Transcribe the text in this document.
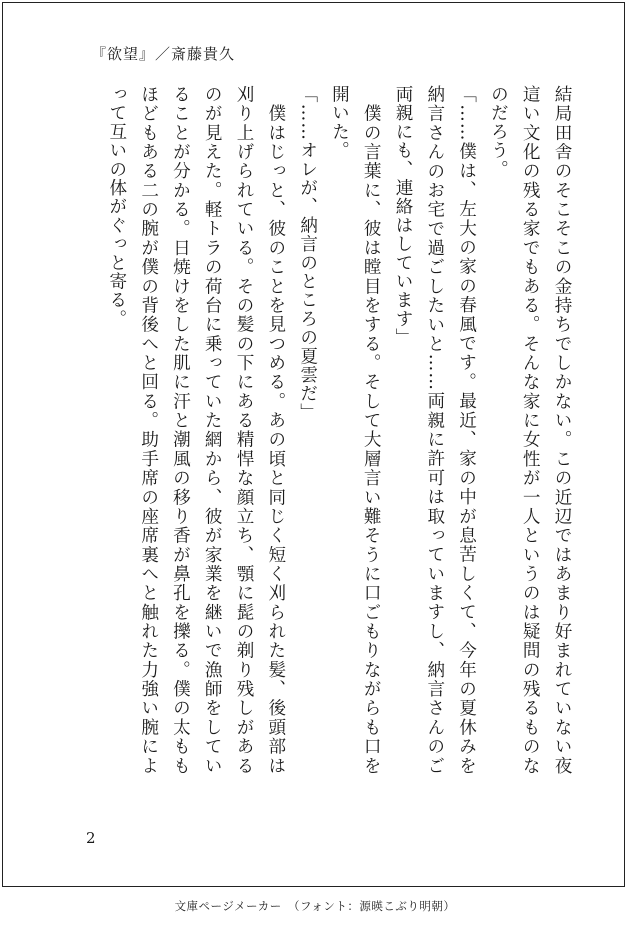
『欲望』／斎藤貴久

結局田舎のそこそこの金持ちでしかない。この近辺ではあまり好まれていない夜這い文化の残る家でもある。そんな家に女性が一人というのは疑問の残るものなのだろう。

「……僕は、左大の家の春風です。最近、家の中が息苦しくて、今年の夏休みを納言さんのお宅で過ごしたいと……両親に許可は取っていますし、納言さんのご両親にも、連絡はしています」

　僕の言葉に、彼は瞠目をする。そして大層言い難そうに口ごもりながらも口を開いた。

「……オレが、納言のところの夏雲だ」

　僕はじっと、彼のことを見つめる。あの頃と同じく短く刈られた髪、後頭部は刈り上げられている。その髪の下にある精悍な顔立ち、顎に髭の剃り残しがあるのが見えた。軽トラの荷台に乗っていた網から、彼が家業を継いで漁師をしていることが分かる。日焼けをした肌に汗と潮風の移り香が鼻孔を擽る。僕の太ももほどもある二の腕が僕の背後へと回る。助手席の座席裏へと触れた力強い腕によって互いの体がぐっと寄る。

2
文庫ページメーカー　（フォント：源暎こぶり明朝）
